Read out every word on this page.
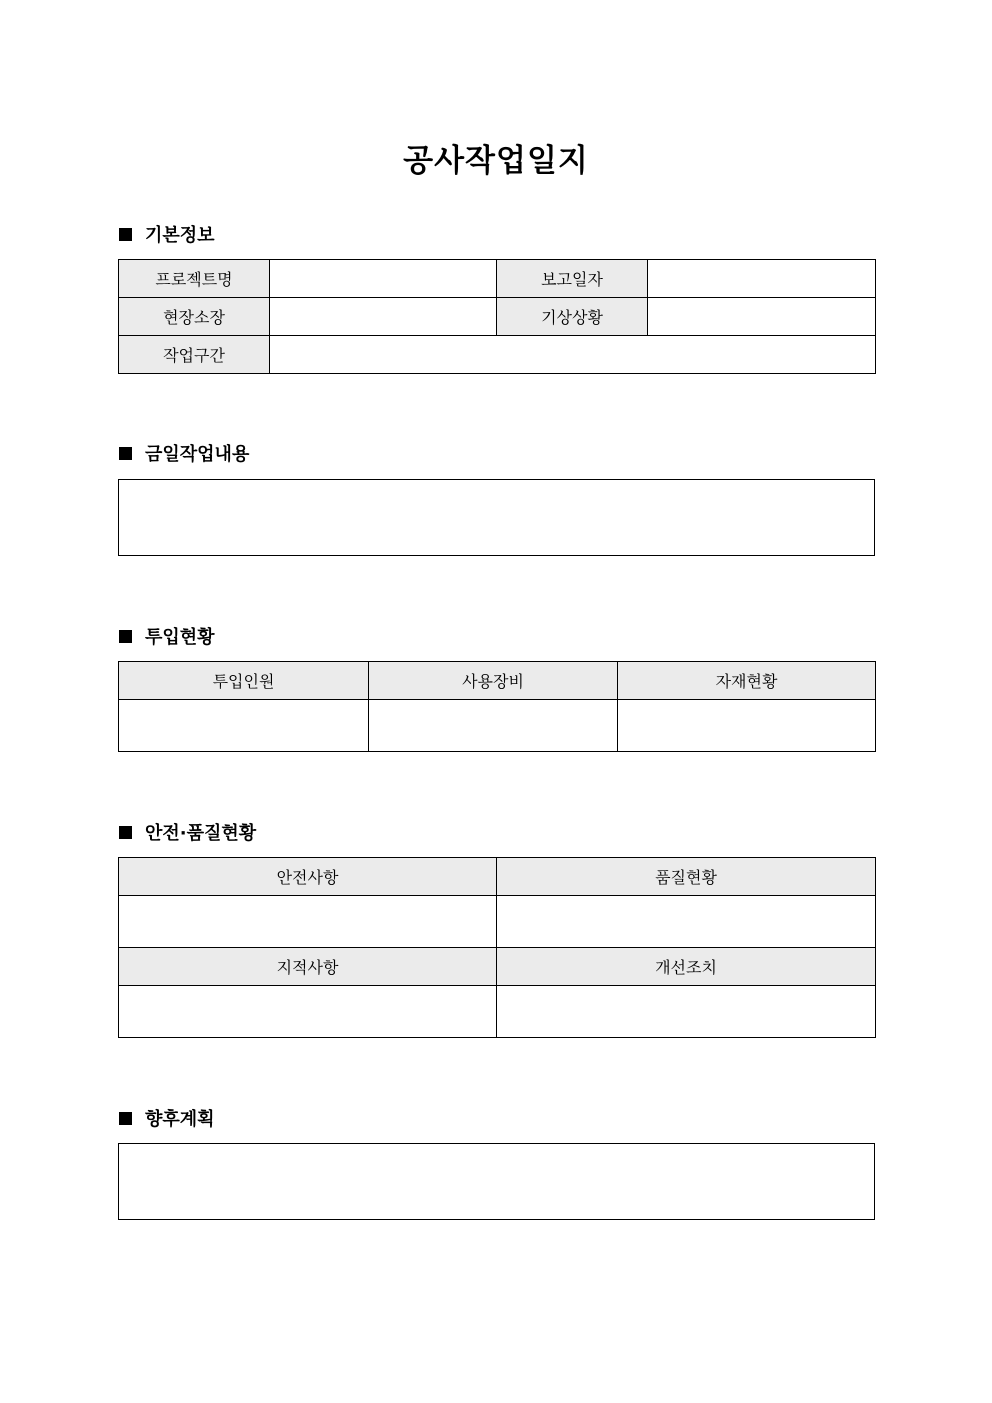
공사작업일지
기본정보
프로젝트명		보고일자	
현장소장		기상상황	
작업구간			
금일작업내용
투입현황
투입인원	사용장비	자재현황

안전·품질현황
안전사항	품질현황

지적사항	개선조치

향후계획
